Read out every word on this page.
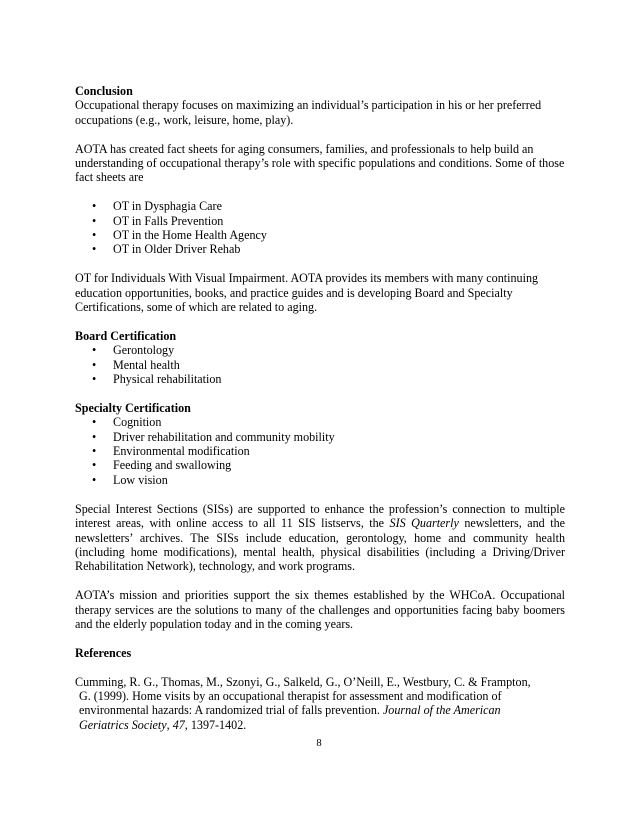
Conclusion

Occupational therapy focuses on maximizing an individual’s participation in his or her preferred occupations (e.g., work, leisure, home, play).

AOTA has created fact sheets for aging consumers, families, and professionals to help build an understanding of occupational therapy’s role with specific populations and conditions. Some of those fact sheets are

• OT in Dysphagia Care
• OT in Falls Prevention
• OT in the Home Health Agency
• OT in Older Driver Rehab

OT for Individuals With Visual Impairment. AOTA provides its members with many continuing education opportunities, books, and practice guides and is developing Board and Specialty Certifications, some of which are related to aging.

Board Certification

• Gerontology
• Mental health
• Physical rehabilitation

Specialty Certification

• Cognition
• Driver rehabilitation and community mobility
• Environmental modification
• Feeding and swallowing
• Low vision

Special Interest Sections (SISs) are supported to enhance the profession’s connection to multiple interest areas, with online access to all 11 SIS listservs, the SIS Quarterly newsletters, and the newsletters’ archives. The SISs include education, gerontology, home and community health (including home modifications), mental health, physical disabilities (including a Driving/Driver Rehabilitation Network), technology, and work programs.

AOTA’s mission and priorities support the six themes established by the WHCoA. Occupational therapy services are the solutions to many of the challenges and opportunities facing baby boomers and the elderly population today and in the coming years.

References

Cumming, R. G., Thomas, M., Szonyi, G., Salkeld, G., O’Neill, E., Westbury, C. & Frampton,

G. (1999). Home visits by an occupational therapist for assessment and modification of

environmental hazards: A randomized trial of falls prevention. Journal of the American

Geriatrics Society, 47, 1397-1402.

8
